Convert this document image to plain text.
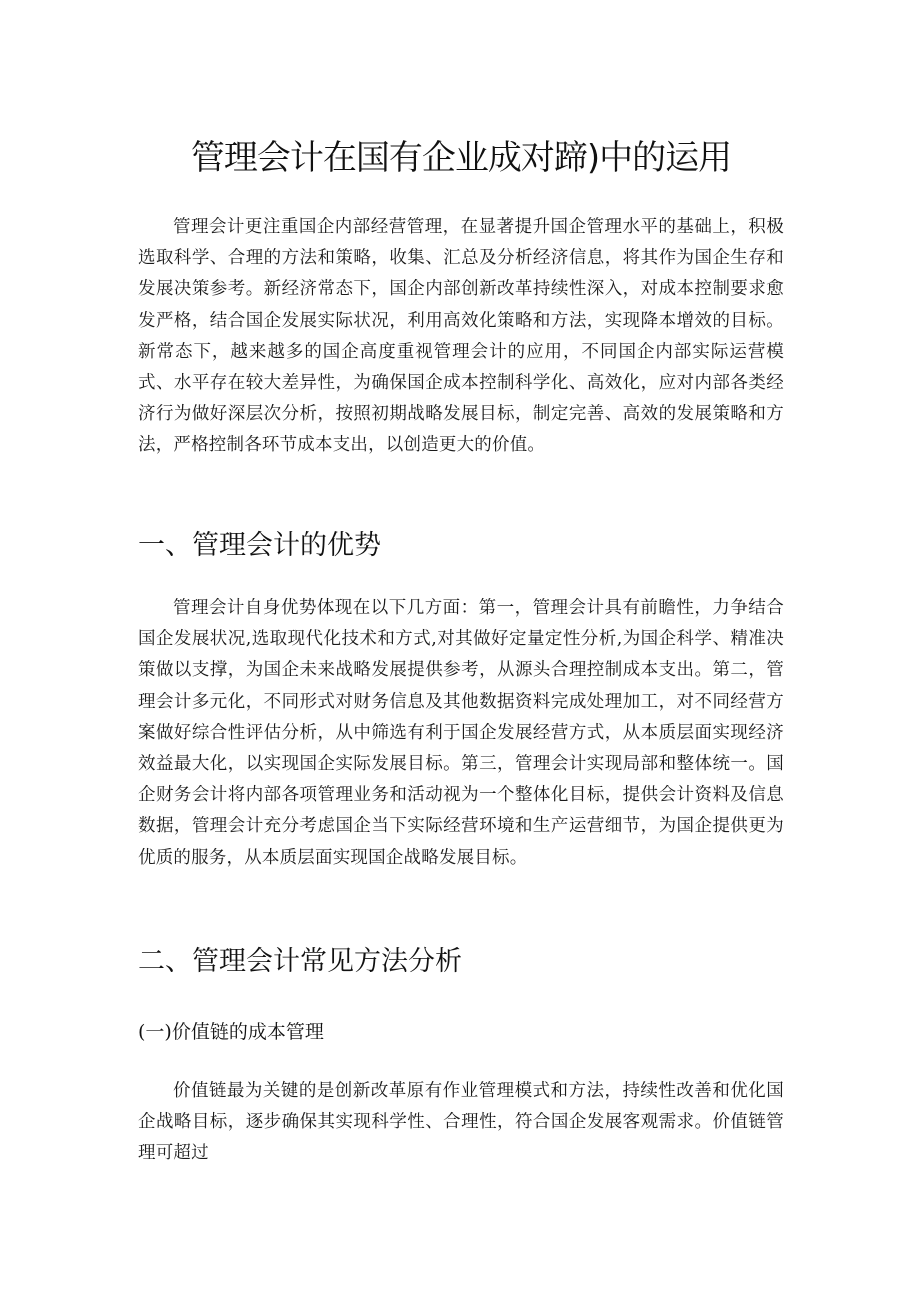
管理会计在国有企业成对蹄)中的运用

管理会计更注重国企内部经营管理，在显著提升国企管理水平的基础上，积极选取科学、合理的方法和策略，收集、汇总及分析经济信息，将其作为国企生存和发展决策参考。新经济常态下，国企内部创新改革持续性深入，对成本控制要求愈发严格，结合国企发展实际状况，利用高效化策略和方法，实现降本增效的目标。新常态下，越来越多的国企高度重视管理会计的应用，不同国企内部实际运营模式、水平存在较大差异性，为确保国企成本控制科学化、高效化，应对内部各类经济行为做好深层次分析，按照初期战略发展目标，制定完善、高效的发展策略和方法，严格控制各环节成本支出，以创造更大的价值。

一、管理会计的优势

管理会计自身优势体现在以下几方面：第一，管理会计具有前瞻性，力争结合国企发展状况,选取现代化技术和方式,对其做好定量定性分析,为国企科学、精准决策做以支撑，为国企未来战略发展提供参考，从源头合理控制成本支出。第二，管理会计多元化，不同形式对财务信息及其他数据资料完成处理加工，对不同经营方案做好综合性评估分析，从中筛选有利于国企发展经营方式，从本质层面实现经济效益最大化，以实现国企实际发展目标。第三，管理会计实现局部和整体统一。国企财务会计将内部各项管理业务和活动视为一个整体化目标，提供会计资料及信息数据，管理会计充分考虑国企当下实际经营环境和生产运营细节，为国企提供更为优质的服务，从本质层面实现国企战略发展目标。

二、管理会计常见方法分析
(一)价值链的成本管理

价值链最为关键的是创新改革原有作业管理模式和方法，持续性改善和优化国企战略目标，逐步确保其实现科学性、合理性，符合国企发展客观需求。价值链管理可超过
